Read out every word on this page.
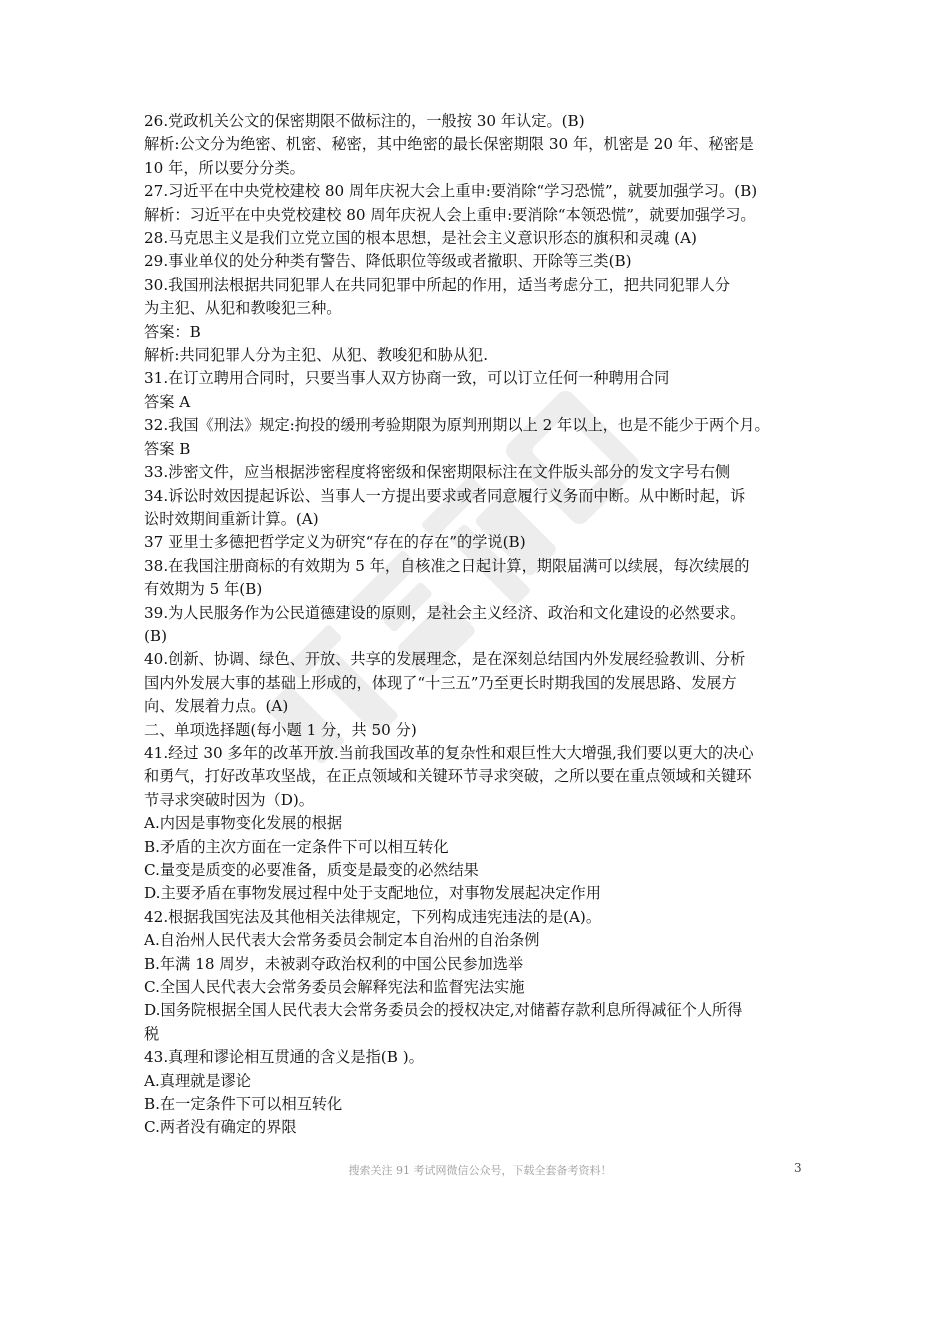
26.党政机关公文的保密期限不做标注的，一般按 30 年认定。(B)
解析:公文分为绝密、机密、秘密，其中绝密的最长保密期限 30 年，机密是 20 年、秘密是
10 年，所以要分分类。
27.习近平在中央党校建校 80 周年庆祝大会上重申:要消除“学习恐慌”，就要加强学习。(B)
解析：习近平在中央党校建校 80 周年庆祝人会上重申:要消除“本领恐慌”，就要加强学习。
28.马克思主义是我们立党立国的根本思想，是社会主义意识形态的旗积和灵魂 (A)
29.事业单仪的处分种类有警告、降低职位等级或者撤职、开除等三类(B)
30.我国刑法根据共同犯罪人在共同犯罪中所起的作用，适当考虑分工，把共同犯罪人分
为主犯、从犯和教唆犯三种。
答案：B
解析:共同犯罪人分为主犯、从犯、教唆犯和胁从犯.
31.在订立聘用合同时，只要当事人双方协商一致，可以订立任何一种聘用合同
答案 A
32.我国《刑法》规定:拘投的缓刑考验期限为原判刑期以上 2 年以上，也是不能少于两个月。
答案 B
33.涉密文件，应当根据涉密程度将密级和保密期限标注在文件版头部分的发文字号右侧
34.诉讼时效因提起诉讼、当事人一方提出要求或者同意履行义务而中断。从中断时起，诉
讼时效期间重新计算。(A)
37 亚里士多德把哲学定义为研究“存在的存在”的学说(B)
38.在我国注册商标的有效期为 5 年，自核准之日起计算，期限届满可以续展，每次续展的
有效期为 5 年(B)
39.为人民服务作为公民道德建设的原则，是社会主义经济、政治和文化建设的必然要求。
(B)
40.创新、协调、绿色、开放、共享的发展理念，是在深刻总结国内外发展经验教训、分析
国内外发展大事的基础上形成的，体现了“十三五”乃至更长时期我国的发展思路、发展方
向、发展着力点。(A)
二、单项选择题(每小题 1 分，共 50 分)
41.经过 30 多年的改革开放.当前我国改革的复杂性和艰巨性大大增强,我们要以更大的决心
和勇气，打好改革攻坚战，在正点领域和关键环节寻求突破，之所以要在重点领域和关键环
节寻求突破时因为（D)。
A.内因是事物变化发展的根据
B.矛盾的主次方面在一定条件下可以相互转化
C.量变是质变的必要准备，质变是最变的必然结果
D.主要矛盾在事物发展过程中处于支配地位，对事物发展起决定作用
42.根据我国宪法及其他相关法律规定，下列构成违宪违法的是(A)。
A.自治州人民代表大会常务委员会制定本自治州的自治条例
B.年满 18 周岁，未被剥夺政治权利的中国公民参加选举
C.全国人民代表大会常务委员会解释宪法和监督宪法实施
D.国务院根据全国人民代表大会常务委员会的授权决定,对储蓄存款利息所得减征个人所得
税
43.真理和谬论相互贯通的含义是指(B )。
A.真理就是谬论
B.在一定条件下可以相互转化
C.两者没有确定的界限
搜索关注 91 考试网微信公众号，下载全套备考资料！	3
